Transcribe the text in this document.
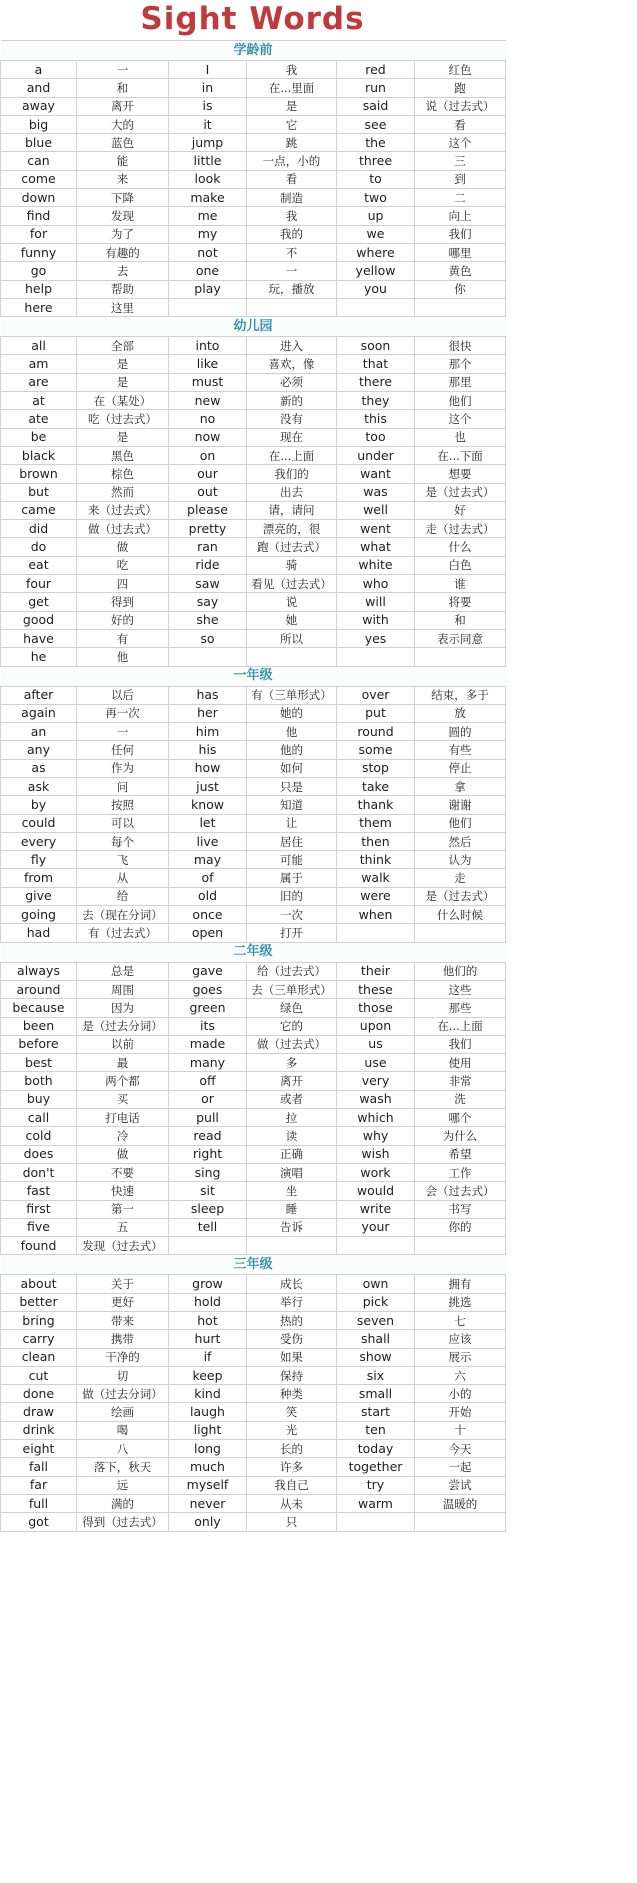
Sight Words
学龄前					
a	一	I	我	red	红色
and	和	in	在...里面	run	跑
away	离开	is	是	said	说（过去式）
big	大的	it	它	see	看
blue	蓝色	jump	跳	the	这个
can	能	little	一点，小的	three	三
come	来	look	看	to	到
down	下降	make	制造	two	二
find	发现	me	我	up	向上
for	为了	my	我的	we	我们
funny	有趣的	not	不	where	哪里
go	去	one	一	yellow	黄色
help	帮助	play	玩，播放	you	你
here	这里				
幼儿园					
all	全部	into	进入	soon	很快
am	是	like	喜欢，像	that	那个
are	是	must	必须	there	那里
at	在（某处）	new	新的	they	他们
ate	吃（过去式）	no	没有	this	这个
be	是	now	现在	too	也
black	黑色	on	在...上面	under	在...下面
brown	棕色	our	我们的	want	想要
but	然而	out	出去	was	是（过去式）
came	来（过去式）	please	请，请问	well	好
did	做（过去式）	pretty	漂亮的，很	went	走（过去式）
do	做	ran	跑（过去式）	what	什么
eat	吃	ride	骑	white	白色
four	四	saw	看见（过去式）	who	谁
get	得到	say	说	will	将要
good	好的	she	她	with	和
have	有	so	所以	yes	表示同意
he	他				
一年级					
after	以后	has	有（三单形式）	over	结束，多于
again	再一次	her	她的	put	放
an	一	him	他	round	圆的
any	任何	his	他的	some	有些
as	作为	how	如何	stop	停止
ask	问	just	只是	take	拿
by	按照	know	知道	thank	谢谢
could	可以	let	让	them	他们
every	每个	live	居住	then	然后
fly	飞	may	可能	think	认为
from	从	of	属于	walk	走
give	给	old	旧的	were	是（过去式）
going	去（现在分词）	once	一次	when	什么时候
had	有（过去式）	open	打开		
二年级					
always	总是	gave	给（过去式）	their	他们的
around	周围	goes	去（三单形式）	these	这些
because	因为	green	绿色	those	那些
been	是（过去分词）	its	它的	upon	在...上面
before	以前	made	做（过去式）	us	我们
best	最	many	多	use	使用
both	两个都	off	离开	very	非常
buy	买	or	或者	wash	洗
call	打电话	pull	拉	which	哪个
cold	冷	read	读	why	为什么
does	做	right	正确	wish	希望
don't	不要	sing	演唱	work	工作
fast	快速	sit	坐	would	会（过去式）
first	第一	sleep	睡	write	书写
five	五	tell	告诉	your	你的
found	发现（过去式）				
三年级					
about	关于	grow	成长	own	拥有
better	更好	hold	举行	pick	挑选
bring	带来	hot	热的	seven	七
carry	携带	hurt	受伤	shall	应该
clean	干净的	if	如果	show	展示
cut	切	keep	保持	six	六
done	做（过去分词）	kind	种类	small	小的
draw	绘画	laugh	笑	start	开始
drink	喝	light	光	ten	十
eight	八	long	长的	today	今天
fall	落下，秋天	much	许多	together	一起
far	远	myself	我自己	try	尝试
full	满的	never	从未	warm	温暖的
got	得到（过去式）	only	只		
